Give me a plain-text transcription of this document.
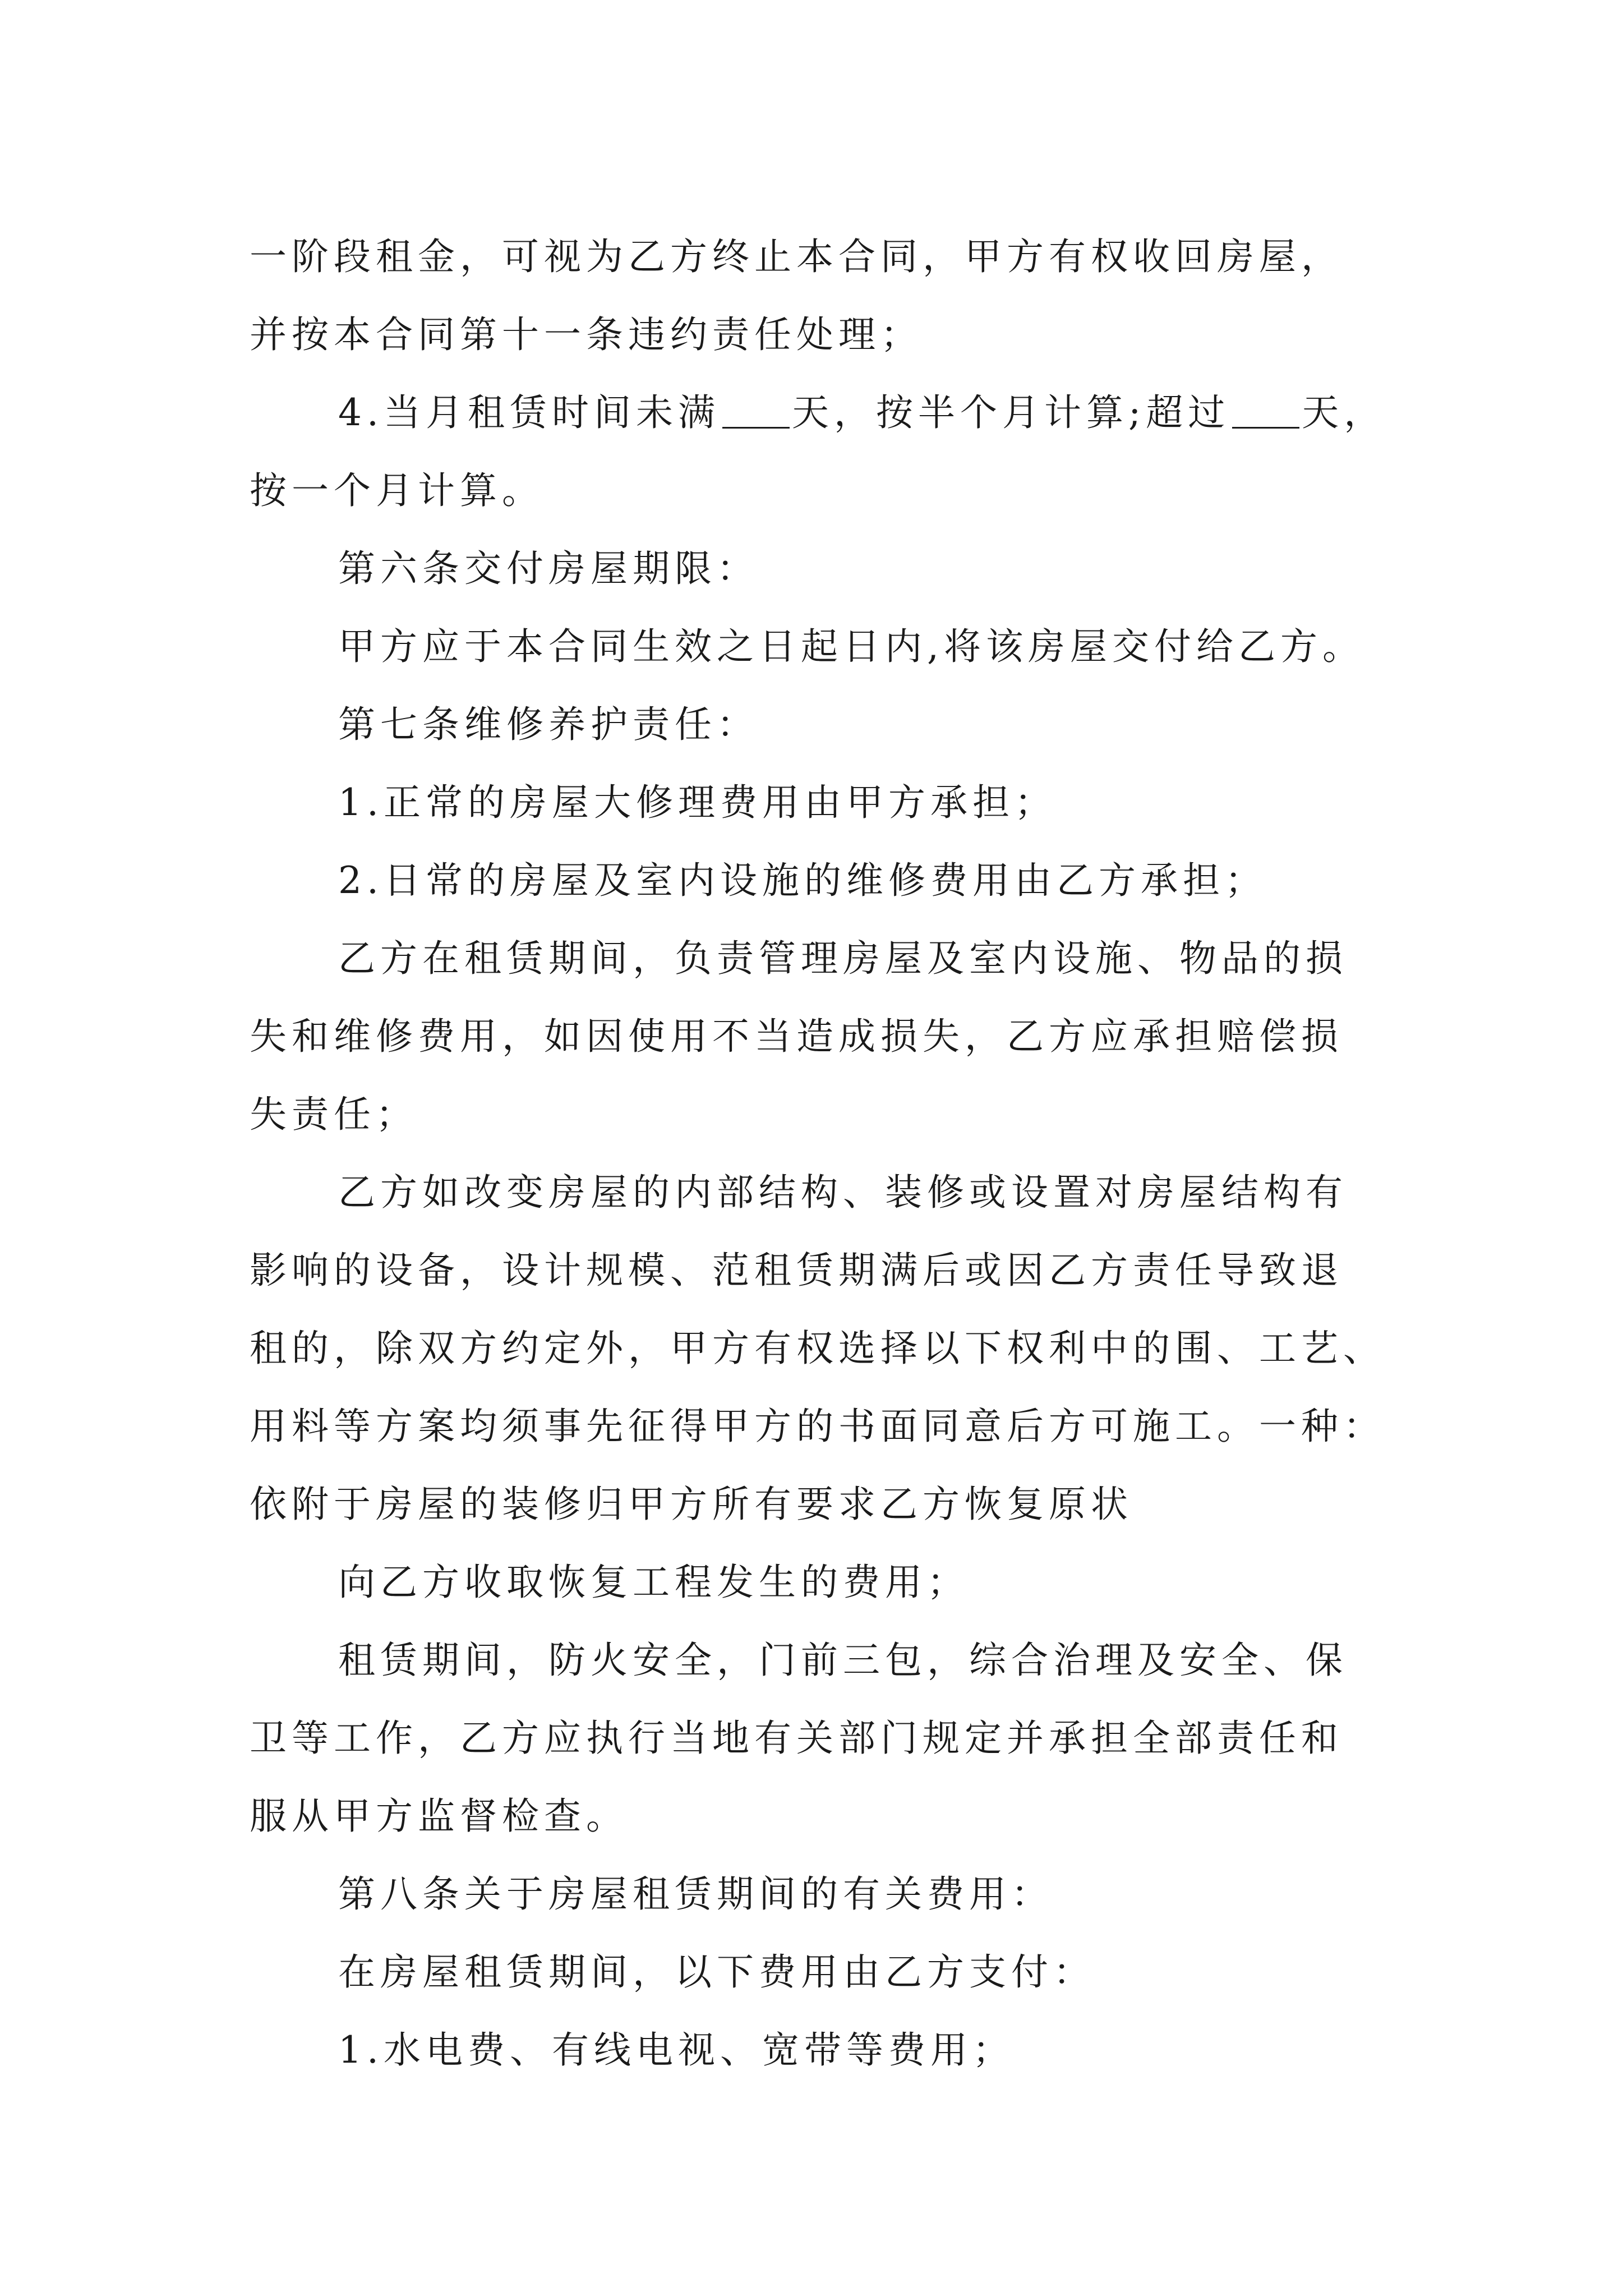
一阶段租金，可视为乙方终止本合同，甲方有权收回房屋，
并按本合同第十一条违约责任处理；
4.当月租赁时间未满 天，按半个月计算;超过 天，
按一个月计算。
第六条交付房屋期限：
甲方应于本合同生效之日起日内,将该房屋交付给乙方。
第七条维修养护责任：
1.正常的房屋大修理费用由甲方承担；
2.日常的房屋及室内设施的维修费用由乙方承担；
乙方在租赁期间，负责管理房屋及室内设施、物品的损
失和维修费用，如因使用不当造成损失，乙方应承担赔偿损
失责任；
乙方如改变房屋的内部结构、装修或设置对房屋结构有
影响的设备，设计规模、范租赁期满后或因乙方责任导致退
租的，除双方约定外，甲方有权选择以下权利中的围、工艺、
用料等方案均须事先征得甲方的书面同意后方可施工。一种：
依附于房屋的装修归甲方所有要求乙方恢复原状
向乙方收取恢复工程发生的费用；
租赁期间，防火安全，门前三包，综合治理及安全、保
卫等工作，乙方应执行当地有关部门规定并承担全部责任和
服从甲方监督检查。
第八条关于房屋租赁期间的有关费用：
在房屋租赁期间，以下费用由乙方支付：
1.水电费、有线电视、宽带等费用；
